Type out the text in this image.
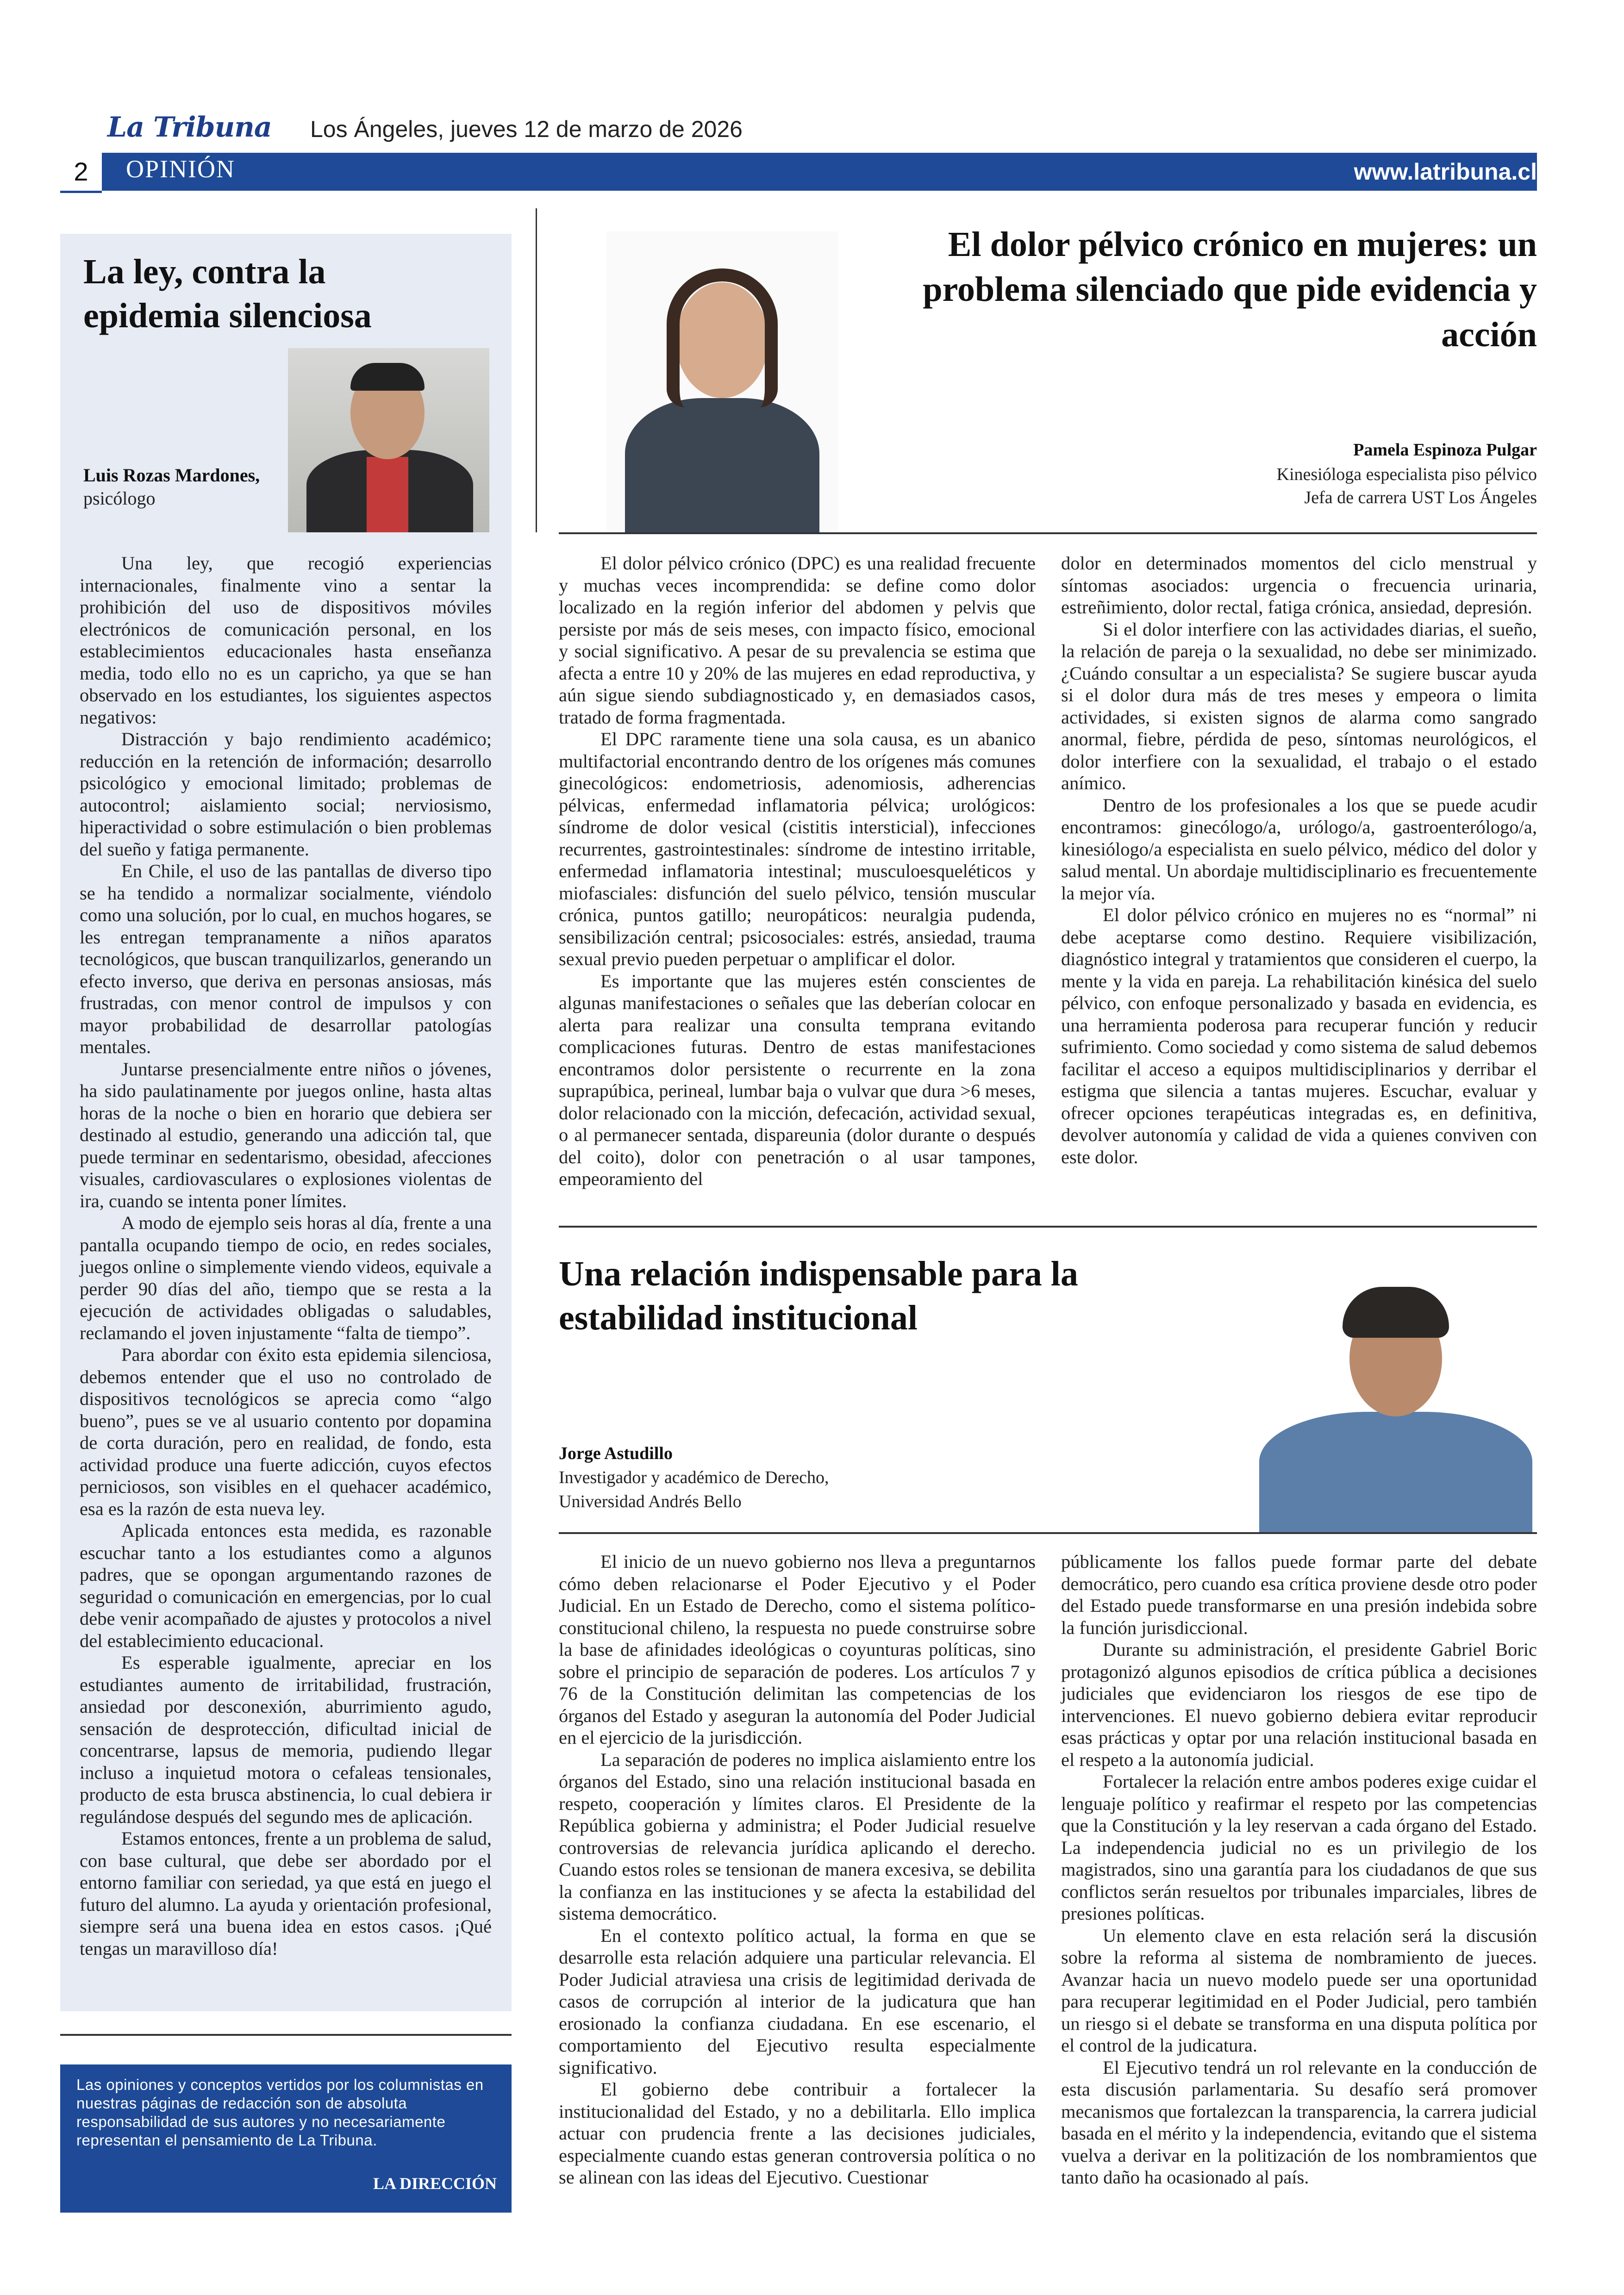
La Tribuna Los Ángeles, jueves 12 de marzo de 2026
2	OPINIÓN	www.latribuna.cl
La ley, contra la epidemia silenciosa
Luis Rozas Mardones,
psicólogo

Una ley, que recogió experiencias internacionales, finalmente vino a sentar la prohibición del uso de dispositivos móviles electrónicos de comunicación personal, en los establecimientos educacionales hasta enseñanza media, todo ello no es un capricho, ya que se han observado en los estudiantes, los siguientes aspectos negativos:

Distracción y bajo rendimiento académico; reducción en la retención de información; desarrollo psicológico y emocional limitado; problemas de autocontrol; aislamiento social; nerviosismo, hiperactividad o sobre estimulación o bien problemas del sueño y fatiga permanente.

En Chile, el uso de las pantallas de diverso tipo se ha tendido a normalizar socialmente, viéndolo como una solución, por lo cual, en muchos hogares, se les entregan tempranamente a niños aparatos tecnológicos, que buscan tranquilizarlos, generando un efecto inverso, que deriva en personas ansiosas, más frustradas, con menor control de impulsos y con mayor probabilidad de desarrollar patologías mentales.

Juntarse presencialmente entre niños o jóvenes, ha sido paulatinamente por juegos online, hasta altas horas de la noche o bien en horario que debiera ser destinado al estudio, generando una adicción tal, que puede terminar en sedentarismo, obesidad, afecciones visuales, cardiovasculares o explosiones violentas de ira, cuando se intenta poner límites.

A modo de ejemplo seis horas al día, frente a una pantalla ocupando tiempo de ocio, en redes sociales, juegos online o simplemente viendo videos, equivale a perder 90 días del año, tiempo que se resta a la ejecución de actividades obligadas o saludables, reclamando el joven injustamente “falta de tiempo”.

Para abordar con éxito esta epidemia silenciosa, debemos entender que el uso no controlado de dispositivos tecnológicos se aprecia como “algo bueno”, pues se ve al usuario contento por dopamina de corta duración, pero en realidad, de fondo, esta actividad produce una fuerte adicción, cuyos efectos perniciosos, son visibles en el quehacer académico, esa es la razón de esta nueva ley.

Aplicada entonces esta medida, es razonable escuchar tanto a los estudiantes como a algunos padres, que se opongan argumentando razones de seguridad o comunicación en emergencias, por lo cual debe venir acompañado de ajustes y protocolos a nivel del establecimiento educacional.

Es esperable igualmente, apreciar en los estudiantes aumento de irritabilidad, frustración, ansiedad por desconexión, aburrimiento agudo, sensación de desprotección, dificultad inicial de concentrarse, lapsus de memoria, pudiendo llegar incluso a inquietud motora o cefaleas tensionales, producto de esta brusca abstinencia, lo cual debiera ir regulándose después del segundo mes de aplicación.

Estamos entonces, frente a un problema de salud, con base cultural, que debe ser abordado por el entorno familiar con seriedad, ya que está en juego el futuro del alumno. La ayuda y orientación profesional, siempre será una buena idea en estos casos. ¡Qué tengas un maravilloso día!

Las opiniones y conceptos vertidos por los columnistas en nuestras páginas de redacción son de absoluta responsabilidad de sus autores y no necesariamente representan el pensamiento de La Tribuna.
LA DIRECCIÓN
El dolor pélvico crónico en mujeres: un problema silenciado que pide evidencia y acción
Pamela Espinoza Pulgar
Kinesióloga especialista piso pélvico
Jefa de carrera UST Los Ángeles

El dolor pélvico crónico (DPC) es una realidad frecuente y muchas veces incomprendida: se define como dolor localizado en la región inferior del abdomen y pelvis que persiste por más de seis meses, con impacto físico, emocional y social significativo. A pesar de su prevalencia se estima que afecta a entre 10 y 20% de las mujeres en edad reproductiva, y aún sigue siendo subdiagnosticado y, en demasiados casos, tratado de forma fragmentada.

El DPC raramente tiene una sola causa, es un abanico multifactorial encontrando dentro de los orígenes más comunes ginecológicos: endometriosis, adenomiosis, adherencias pélvicas, enfermedad inflamatoria pélvica; urológicos: síndrome de dolor vesical (cistitis intersticial), infecciones recurrentes, gastrointestinales: síndrome de intestino irritable, enfermedad inflamatoria intestinal; musculoesqueléticos y miofasciales: disfunción del suelo pélvico, tensión muscular crónica, puntos gatillo; neuropáticos: neuralgia pudenda, sensibilización central; psicosociales: estrés, ansiedad, trauma sexual previo pueden perpetuar o amplificar el dolor.

Es importante que las mujeres estén conscientes de algunas manifestaciones o señales que las deberían colocar en alerta para realizar una consulta temprana evitando complicaciones futuras. Dentro de estas manifestaciones encontramos dolor persistente o recurrente en la zona suprapúbica, perineal, lumbar baja o vulvar que dura >6 meses, dolor relacionado con la micción, defecación, actividad sexual, o al permanecer sentada, dispareunia (dolor durante o después del coito), dolor con penetración o al usar tampones, empeoramiento del

dolor en determinados momentos del ciclo menstrual y síntomas asociados: urgencia o frecuencia urinaria, estreñimiento, dolor rectal, fatiga crónica, ansiedad, depresión.

Si el dolor interfiere con las actividades diarias, el sueño, la relación de pareja o la sexualidad, no debe ser minimizado. ¿Cuándo consultar a un especialista? Se sugiere buscar ayuda si el dolor dura más de tres meses y empeora o limita actividades, si existen signos de alarma como sangrado anormal, fiebre, pérdida de peso, síntomas neurológicos, el dolor interfiere con la sexualidad, el trabajo o el estado anímico.

Dentro de los profesionales a los que se puede acudir encontramos: ginecólogo/a, urólogo/a, gastroenterólogo/a, kinesiólogo/a especialista en suelo pélvico, médico del dolor y salud mental. Un abordaje multidisciplinario es frecuentemente la mejor vía.

El dolor pélvico crónico en mujeres no es “normal” ni debe aceptarse como destino. Requiere visibilización, diagnóstico integral y tratamientos que consideren el cuerpo, la mente y la vida en pareja. La rehabilitación kinésica del suelo pélvico, con enfoque personalizado y basada en evidencia, es una herramienta poderosa para recuperar función y reducir sufrimiento. Como sociedad y como sistema de salud debemos facilitar el acceso a equipos multidisciplinarios y derribar el estigma que silencia a tantas mujeres. Escuchar, evaluar y ofrecer opciones terapéuticas integradas es, en definitiva, devolver autonomía y calidad de vida a quienes conviven con este dolor.

Una relación indispensable para la estabilidad institucional
Jorge Astudillo
Investigador y académico de Derecho,
Universidad Andrés Bello

El inicio de un nuevo gobierno nos lleva a preguntarnos cómo deben relacionarse el Poder Ejecutivo y el Poder Judicial. En un Estado de Derecho, como el sistema político-constitucional chileno, la respuesta no puede construirse sobre la base de afinidades ideológicas o coyunturas políticas, sino sobre el principio de separación de poderes. Los artículos 7 y 76 de la Constitución delimitan las competencias de los órganos del Estado y aseguran la autonomía del Poder Judicial en el ejercicio de la jurisdicción.

La separación de poderes no implica aislamiento entre los órganos del Estado, sino una relación institucional basada en respeto, cooperación y límites claros. El Presidente de la República gobierna y administra; el Poder Judicial resuelve controversias de relevancia jurídica aplicando el derecho. Cuando estos roles se tensionan de manera excesiva, se debilita la confianza en las instituciones y se afecta la estabilidad del sistema democrático.

En el contexto político actual, la forma en que se desarrolle esta relación adquiere una particular relevancia. El Poder Judicial atraviesa una crisis de legitimidad derivada de casos de corrupción al interior de la judicatura que han erosionado la confianza ciudadana. En ese escenario, el comportamiento del Ejecutivo resulta especialmente significativo.

El gobierno debe contribuir a fortalecer la institucionalidad del Estado, y no a debilitarla. Ello implica actuar con prudencia frente a las decisiones judiciales, especialmente cuando estas generan controversia política o no se alinean con las ideas del Ejecutivo. Cuestionar

públicamente los fallos puede formar parte del debate democrático, pero cuando esa crítica proviene desde otro poder del Estado puede transformarse en una presión indebida sobre la función jurisdiccional.

Durante su administración, el presidente Gabriel Boric protagonizó algunos episodios de crítica pública a decisiones judiciales que evidenciaron los riesgos de ese tipo de intervenciones. El nuevo gobierno debiera evitar reproducir esas prácticas y optar por una relación institucional basada en el respeto a la autonomía judicial.

Fortalecer la relación entre ambos poderes exige cuidar el lenguaje político y reafirmar el respeto por las competencias que la Constitución y la ley reservan a cada órgano del Estado. La independencia judicial no es un privilegio de los magistrados, sino una garantía para los ciudadanos de que sus conflictos serán resueltos por tribunales imparciales, libres de presiones políticas.

Un elemento clave en esta relación será la discusión sobre la reforma al sistema de nombramiento de jueces. Avanzar hacia un nuevo modelo puede ser una oportunidad para recuperar legitimidad en el Poder Judicial, pero también un riesgo si el debate se transforma en una disputa política por el control de la judicatura.

El Ejecutivo tendrá un rol relevante en la conducción de esta discusión parlamentaria. Su desafío será promover mecanismos que fortalezcan la transparencia, la carrera judicial basada en el mérito y la independencia, evitando que el sistema vuelva a derivar en la politización de los nombramientos que tanto daño ha ocasionado al país.
